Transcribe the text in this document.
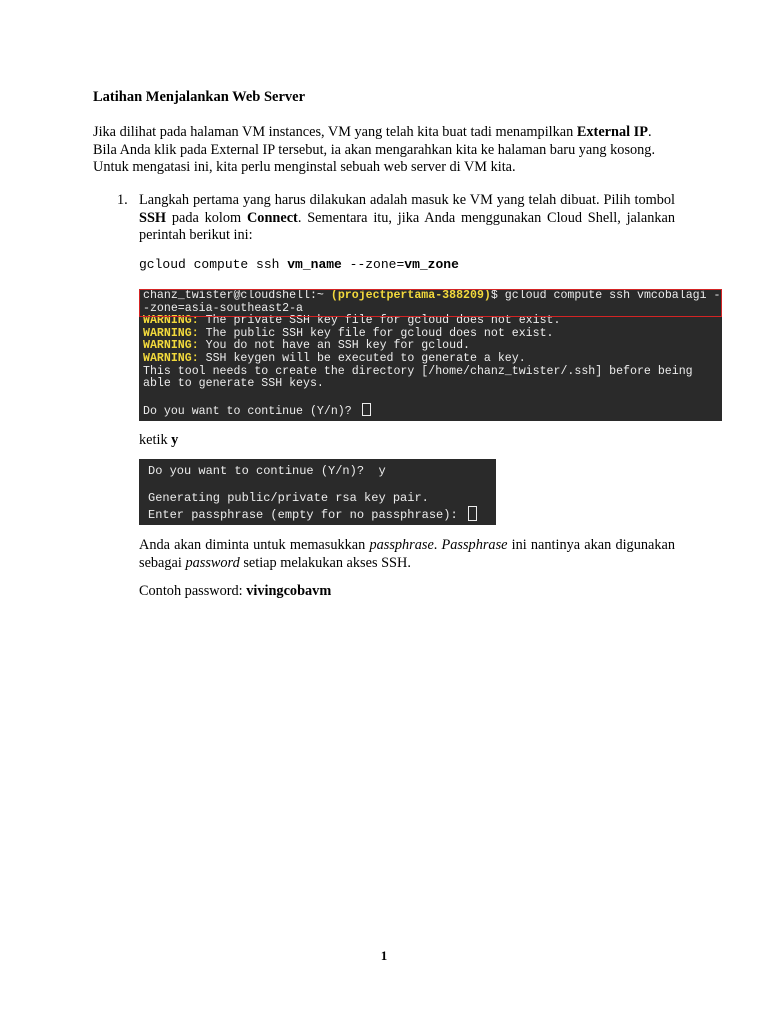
Latihan Menjalankan Web Server
Jika dilihat pada halaman VM instances, VM yang telah kita buat tadi menampilkan External IP. Bila Anda klik pada External IP tersebut, ia akan mengarahkan kita ke halaman baru yang kosong. Untuk mengatasi ini, kita perlu menginstal sebuah web server di VM kita.
1. Langkah pertama yang harus dilakukan adalah masuk ke VM yang telah dibuat. Pilih tombol SSH pada kolom Connect. Sementara itu, jika Anda menggunakan Cloud Shell, jalankan perintah berikut ini:
gcloud compute ssh vm_name --zone=vm_zone
chanz_twister@cloudshell:~ (projectpertama-388209)$ gcloud compute ssh vmcobalagi -
-zone=asia-southeast2-a
WARNING: The private SSH key file for gcloud does not exist.
WARNING: The public SSH key file for gcloud does not exist.
WARNING: You do not have an SSH key for gcloud.
WARNING: SSH keygen will be executed to generate a key.
This tool needs to create the directory [/home/chanz_twister/.ssh] before being
able to generate SSH keys.
Do you want to continue (Y/n)?
ketik y
Do you want to continue (Y/n)?  y
Generating public/private rsa key pair.
Enter passphrase (empty for no passphrase):
Anda akan diminta untuk memasukkan passphrase. Passphrase ini nantinya akan digunakan sebagai password setiap melakukan akses SSH.
Contoh password: vivingcobavm
1
